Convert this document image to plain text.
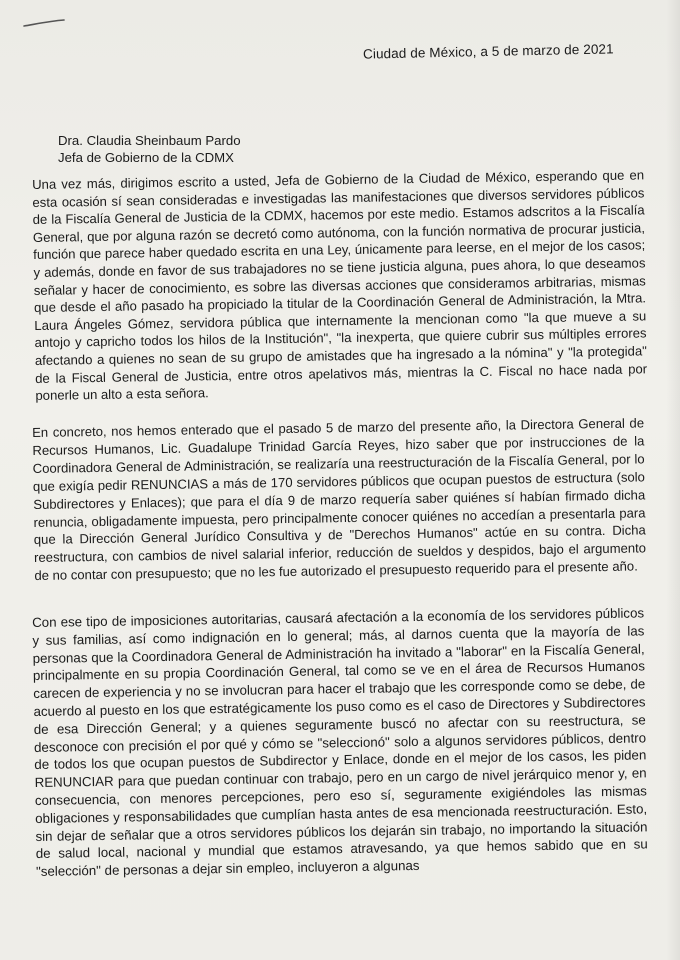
Ciudad de México, a 5 de marzo de 2021
Dra. Claudia Sheinbaum Pardo
Jefa de Gobierno de la CDMX
Una vez más, dirigimos escrito a usted, Jefa de Gobierno de la Ciudad de México, esperando que en esta ocasión sí sean consideradas e investigadas las manifestaciones que diversos servidores públicos de la Fiscalía General de Justicia de la CDMX, hacemos por este medio. Estamos adscritos a la Fiscalía General, que por alguna razón se decretó como autónoma, con la función normativa de procurar justicia, función que parece haber quedado escrita en una Ley, únicamente para leerse, en el mejor de los casos; y además, donde en favor de sus trabajadores no se tiene justicia alguna, pues ahora, lo que deseamos señalar y hacer de conocimiento, es sobre las diversas acciones que consideramos arbitrarias, mismas que desde el año pasado ha propiciado la titular de la Coordinación General de Administración, la Mtra. Laura Ángeles Gómez, servidora pública que internamente la mencionan como "la que mueve a su antojo y capricho todos los hilos de la Institución", "la inexperta, que quiere cubrir sus múltiples errores afectando a quienes no sean de su grupo de amistades que ha ingresado a la nómina" y "la protegida" de la Fiscal General de Justicia, entre otros apelativos más, mientras la C. Fiscal no hace nada por ponerle un alto a esta señora.
En concreto, nos hemos enterado que el pasado 5 de marzo del presente año, la Directora General de Recursos Humanos, Lic. Guadalupe Trinidad García Reyes, hizo saber que por instrucciones de la Coordinadora General de Administración, se realizaría una reestructuración de la Fiscalía General, por lo que exigía pedir RENUNCIAS a más de 170 servidores públicos que ocupan puestos de estructura (solo Subdirectores y Enlaces); que para el día 9 de marzo requería saber quiénes sí habían firmado dicha renuncia, obligadamente impuesta, pero principalmente conocer quiénes no accedían a presentarla para que la Dirección General Jurídico Consultiva y de "Derechos Humanos" actúe en su contra. Dicha reestructura, con cambios de nivel salarial inferior, reducción de sueldos y despidos, bajo el argumento de no contar con presupuesto; que no les fue autorizado el presupuesto requerido para el presente año.
Con ese tipo de imposiciones autoritarias, causará afectación a la economía de los servidores públicos y sus familias, así como indignación en lo general; más, al darnos cuenta que la mayoría de las personas que la Coordinadora General de Administración ha invitado a "laborar" en la Fiscalía General, principalmente en su propia Coordinación General, tal como se ve en el área de Recursos Humanos carecen de experiencia y no se involucran para hacer el trabajo que les corresponde como se debe, de acuerdo al puesto en los que estratégicamente los puso como es el caso de Directores y Subdirectores de esa Dirección General; y a quienes seguramente buscó no afectar con su reestructura, se desconoce con precisión el por qué y cómo se "seleccionó" solo a algunos servidores públicos, dentro de todos los que ocupan puestos de Subdirector y Enlace, donde en el mejor de los casos, les piden RENUNCIAR para que puedan continuar con trabajo, pero en un cargo de nivel jerárquico menor y, en consecuencia, con menores percepciones, pero eso sí, seguramente exigiéndoles las mismas obligaciones y responsabilidades que cumplían hasta antes de esa mencionada reestructuración. Esto, sin dejar de señalar que a otros servidores públicos los dejarán sin trabajo, no importando la situación de salud local, nacional y mundial que estamos atravesando, ya que hemos sabido que en su "selección" de personas a dejar sin empleo, incluyeron a algunas
